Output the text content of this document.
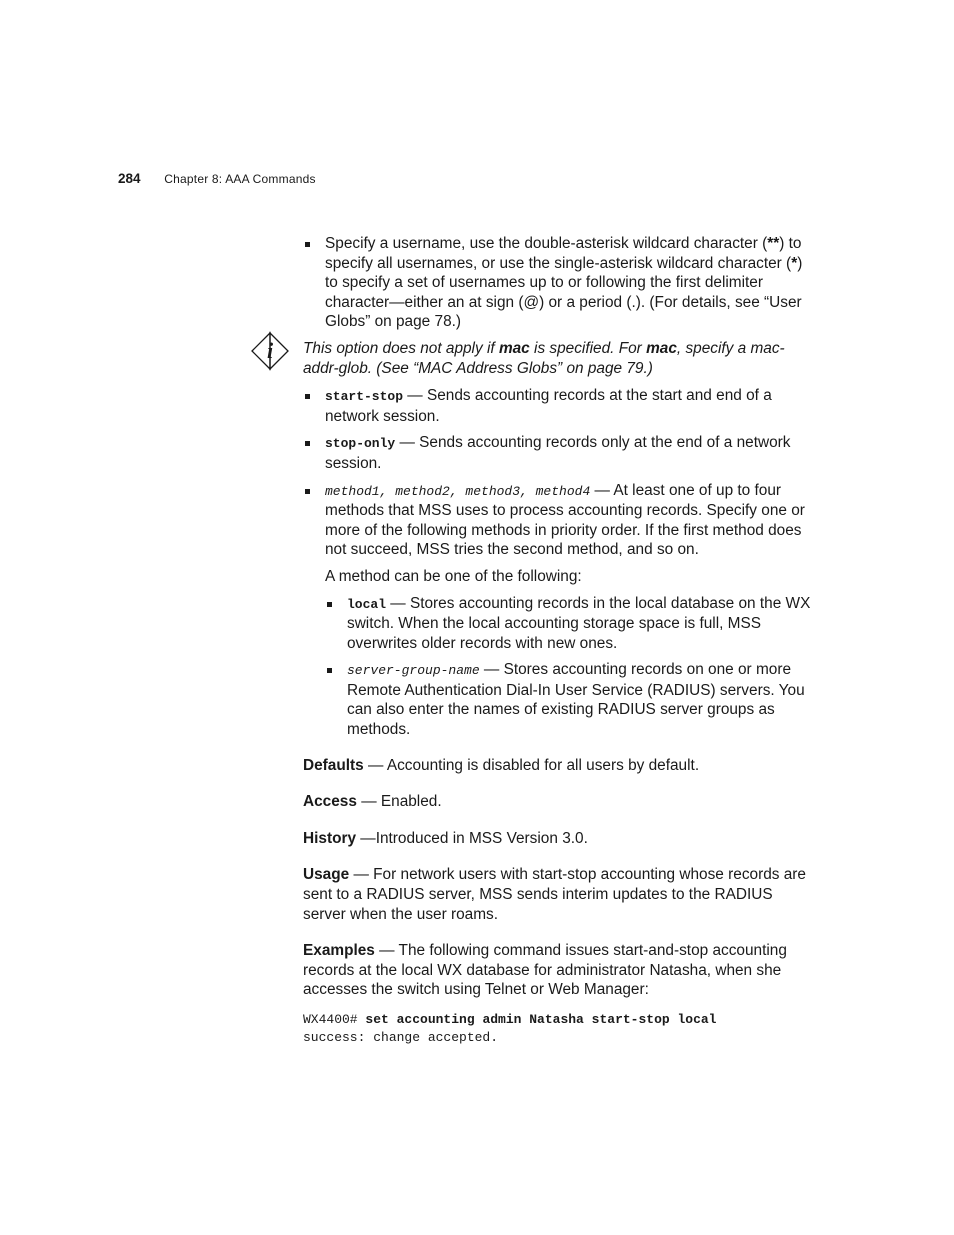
284 Chapter 8: AAA Commands
Specify a username, use the double-asterisk wildcard character (**) to specify all usernames, or use the single-asterisk wildcard character (*) to specify a set of usernames up to or following the first delimiter character—either an at sign (@) or a period (.). (For details, see “User Globs” on page 78.)
i This option does not apply if mac is specified. For mac, specify a mac-addr-glob. (See “MAC Address Globs” on page 79.)
start-stop — Sends accounting records at the start and end of a network session.
stop-only — Sends accounting records only at the end of a network session.
method1, method2, method3, method4 — At least one of up to four methods that MSS uses to process accounting records. Specify one or more of the following methods in priority order. If the first method does not succeed, MSS tries the second method, and so on.
A method can be one of the following:
local — Stores accounting records in the local database on the WX switch. When the local accounting storage space is full, MSS overwrites older records with new ones.
server-group-name — Stores accounting records on one or more Remote Authentication Dial-In User Service (RADIUS) servers. You can also enter the names of existing RADIUS server groups as methods.
Defaults — Accounting is disabled for all users by default.
Access — Enabled.
History —Introduced in MSS Version 3.0.
Usage — For network users with start-stop accounting whose records are sent to a RADIUS server, MSS sends interim updates to the RADIUS server when the user roams.
Examples — The following command issues start-and-stop accounting records at the local WX database for administrator Natasha, when she accesses the switch using Telnet or Web Manager:
WX4400# set accounting admin Natasha start-stop local
success: change accepted.
